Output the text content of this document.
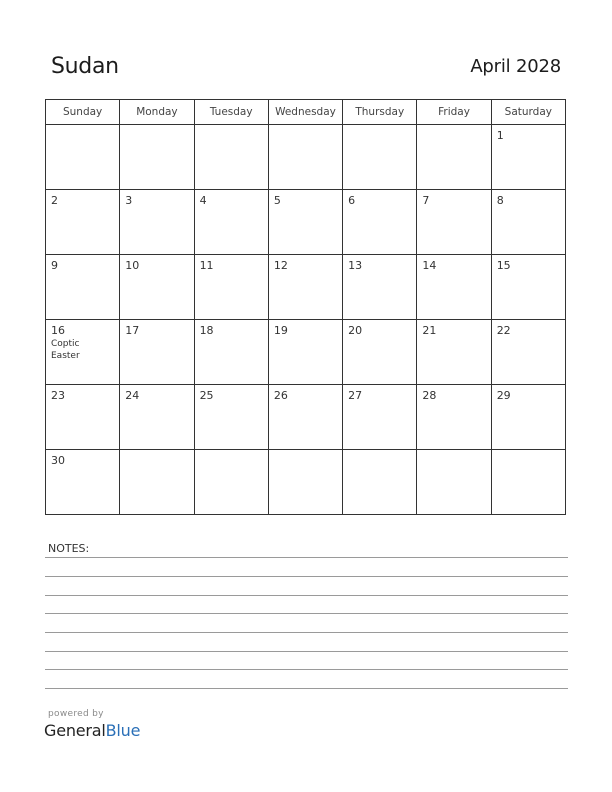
Sudan	April 2028
Sunday	Monday	Tuesday	Wednesday	Thursday	Friday	Saturday

						1

2	3	4	5	6	7	8

9	10	11	12	13	14	15

16
Coptic Easter	17	18	19	20	21	22

23	24	25	26	27	28	29

30						

NOTES:
powered by
GeneralBlue
